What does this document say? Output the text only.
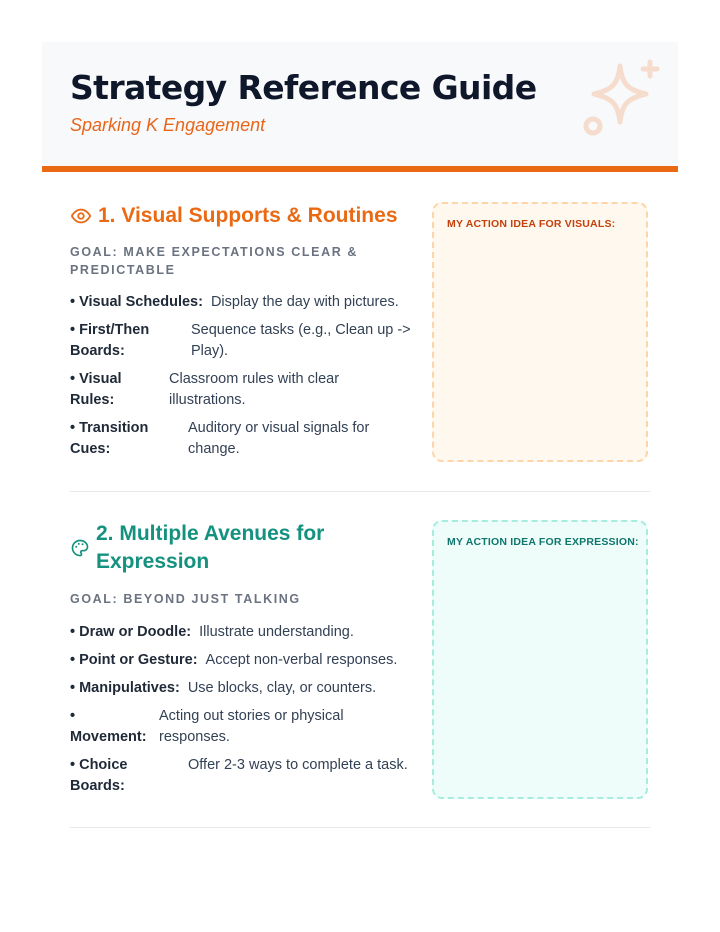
Strategy Reference Guide
Sparking K Engagement
1. Visual Supports & Routines
GOAL: MAKE EXPECTATIONS CLEAR & PREDICTABLE
• Visual Schedules: Display the day with pictures.
• First/Then Boards:
Sequence tasks (e.g., Clean up -> Play).
• Visual Rules:
Classroom rules with clear illustrations.
• Transition Cues:
Auditory or visual signals for change.
MY ACTION IDEA FOR VISUALS:
2. Multiple Avenues for Expression
GOAL: BEYOND JUST TALKING
• Draw or Doodle: Illustrate understanding.
• Point or Gesture: Accept non-verbal responses.
• Manipulatives: Use blocks, clay, or counters.
• Movement:
Acting out stories or physical responses.
• Choice Boards:
Offer 2-3 ways to complete a task.
MY ACTION IDEA FOR EXPRESSION:
